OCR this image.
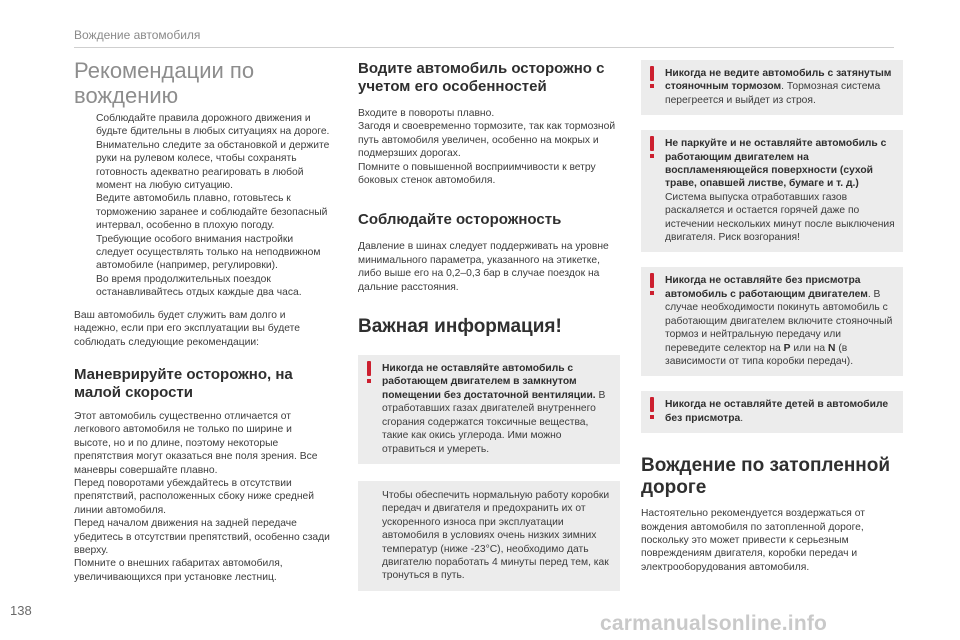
Вождение автомобиля
Рекомендации по
вождению
Соблюдайте правила дорожного движения и будьте бдительны в любых ситуациях на дороге.
Внимательно следите за обстановкой и держите руки на рулевом колесе, чтобы сохранять готовность адекватно реагировать в любой момент на любую ситуацию.
Ведите автомобиль плавно, готовьтесь к торможению заранее и соблюдайте безопасный интервал, особенно в плохую погоду.
Требующие особого внимания настройки следует осуществлять только на неподвижном автомобиле (например, регулировки).
Во время продолжительных поездок останавливайтесь отдых каждые два часа.
Ваш автомобиль будет служить вам долго и надежно, если при его эксплуатации вы будете соблюдать следующие рекомендации:
Маневрируйте осторожно, на малой скорости
Этот автомобиль существенно отличается от легкового автомобиля не только по ширине и высоте, но и по длине, поэтому некоторые препятствия могут оказаться вне поля зрения. Все маневры совершайте плавно.
Перед поворотами убеждайтесь в отсутствии препятствий, расположенных сбоку ниже средней линии автомобиля.
Перед началом движения на задней передаче убедитесь в отсутствии препятствий, особенно сзади вверху.
Помните о внешних габаритах автомобиля, увеличивающихся при установке лестниц.
Водите автомобиль осторожно с учетом его особенностей
Входите в повороты плавно.
Загодя и своевременно тормозите, так как тормозной путь автомобиля увеличен, особенно на мокрых и подмерзших дорогах.
Помните о повышенной восприимчивости к ветру боковых стенок автомобиля.
Соблюдайте осторожность
Давление в шинах следует поддерживать на уровне минимального параметра, указанного на этикетке, либо выше его на 0,2–0,3 бар в случае поездок на дальние расстояния.
Важная информация!
Никогда не оставляйте автомобиль с работающем двигателем в замкнутом помещении без достаточной вентиляции. В отработавших газах двигателей внутреннего сгорания содержатся токсичные вещества, такие как окись углерода. Ими можно отравиться и умереть.
Чтобы обеспечить нормальную работу коробки передач и двигателя и предохранить их от ускоренного износа при эксплуатации автомобиля в условиях очень низких зимних температур (ниже -23°C), необходимо дать двигателю поработать 4 минуты перед тем, как тронуться в путь.
Никогда не ведите автомобиль с затянутым стояночным тормозом. Тормозная система перегреется и выйдет из строя.
Не паркуйте и не оставляйте автомобиль с работающим двигателем на воспламеняющейся поверхности (сухой траве, опавшей листве, бумаге и т. д.) Система выпуска отработавших газов раскаляется и остается горячей даже по истечении нескольких минут после выключения двигателя. Риск возгорания!
Никогда не оставляйте без присмотра автомобиль с работающим двигателем. В случае необходимости покинуть автомобиль с работающим двигателем включите стояночный тормоз и нейтральную передачу или переведите селектор на P или на N (в зависимости от типа коробки передач).
Никогда не оставляйте детей в автомобиле без присмотра.
Вождение по затопленной дороге
Настоятельно рекомендуется воздержаться от вождения автомобиля по затопленной дороге, поскольку это может привести к серьезным повреждениям двигателя, коробки передач и электрооборудования автомобиля.
138
carmanualsonline.info
